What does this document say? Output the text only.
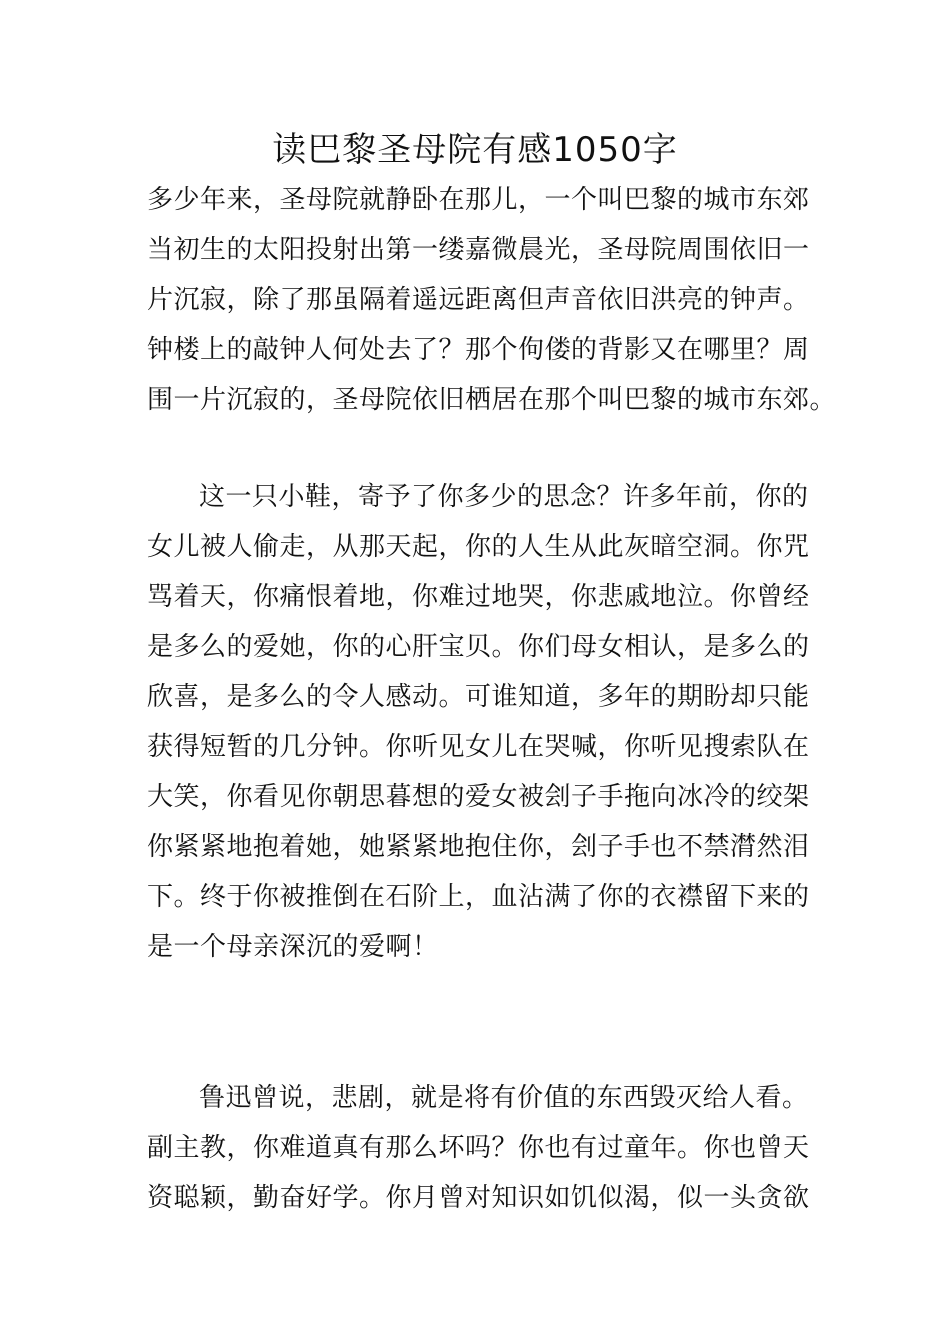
读巴黎圣母院有感1050字
多少年来，圣母院就静卧在那儿，一个叫巴黎的城市东郊
当初生的太阳投射出第一缕嘉微晨光，圣母院周围依旧一
片沉寂，除了那虽隔着遥远距离但声音依旧洪亮的钟声。
钟楼上的敲钟人何处去了？那个佝偻的背影又在哪里？周
围一片沉寂的，圣母院依旧栖居在那个叫巴黎的城市东郊。
这一只小鞋，寄予了你多少的思念？许多年前，你的
女儿被人偷走，从那天起，你的人生从此灰暗空洞。你咒
骂着天，你痛恨着地，你难过地哭，你悲戚地泣。你曾经
是多么的爱她，你的心肝宝贝。你们母女相认，是多么的
欣喜，是多么的令人感动。可谁知道，多年的期盼却只能
获得短暂的几分钟。你听见女儿在哭喊，你听见搜索队在
大笑，你看见你朝思暮想的爱女被刽子手拖向冰冷的绞架
你紧紧地抱着她，她紧紧地抱住你，刽子手也不禁潸然泪
下。终于你被推倒在石阶上，血沾满了你的衣襟留下来的
是一个母亲深沉的爱啊！
鲁迅曾说，悲剧，就是将有价值的东西毁灭给人看。
副主教，你难道真有那么坏吗？你也有过童年。你也曾天
资聪颖，勤奋好学。你月曾对知识如饥似渴，似一头贪欲
